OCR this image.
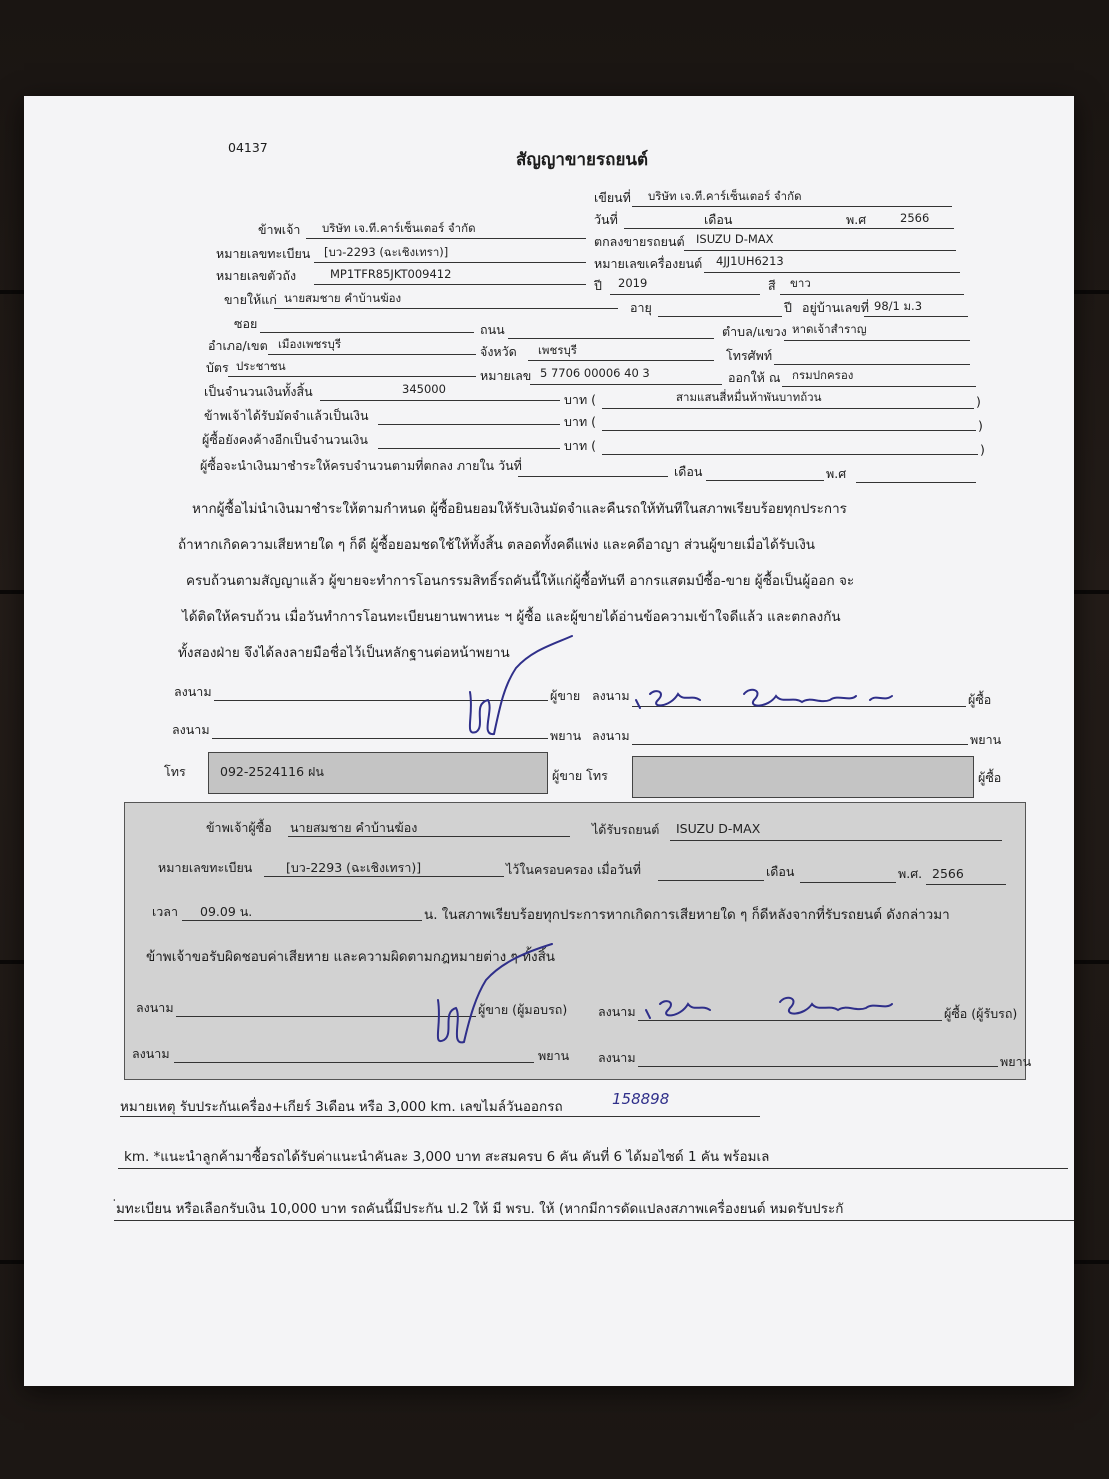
04137
สัญญาขายรถยนต์
เขียนที่ บริษัท เจ.ที.คาร์เซ็นเตอร์ จำกัด
วันที่	เดือน	พ.ศ	2566
ข้าพเจ้า บริษัท เจ.ที.คาร์เซ็นเตอร์ จำกัด
ตกลงขายรถยนต์ ISUZU D-MAX
หมายเลขทะเบียน [บว-2293 (ฉะเชิงเทรา)]
หมายเลขเครื่องยนต์ 4JJ1UH6213
หมายเลขตัวถัง	MP1TFR85JKT009412
ปี 2019	สี ขาว
ขายให้แก่ นายสมชาย คำบ้านฆ้อง
อายุ	ปี อยู่บ้านเลขที่ 98/1 ม.3
ซอย	ถนน	ตำบล/แขวง หาดเจ้าสำราญ
อำเภอ/เขต เมืองเพชรบุรี	จังหวัด เพชรบุรี	โทรศัพท์
บัตร ประชาชน
หมายเลข 5 7706 00006 40 3	ออกให้ ณ กรมปกครอง
เป็นจำนวนเงินทั้งสิ้น	345000
บาท (	สามแสนสี่หมื่นห้าพันบาทถ้วน	)
ข้าพเจ้าได้รับมัดจำแล้วเป็นเงิน	บาท (	)
ผู้ซื้อยังคงค้างอีกเป็นจำนวนเงิน	บาท (	)
ผู้ซื้อจะนำเงินมาชำระให้ครบจำนวนตามที่ตกลง ภายใน วันที่	เดือน	พ.ศ
หากผู้ซื้อไม่นำเงินมาชำระให้ตามกำหนด ผู้ซื้อยินยอมให้รับเงินมัดจำและคืนรถให้ทันทีในสภาพเรียบร้อยทุกประการ
ถ้าหากเกิดความเสียหายใด ๆ ก็ดี ผู้ซื้อยอมชดใช้ให้ทั้งสิ้น ตลอดทั้งคดีแพ่ง และคดีอาญา ส่วนผู้ขายเมื่อได้รับเงิน
ครบถ้วนตามสัญญาแล้ว ผู้ขายจะทำการโอนกรรมสิทธิ์รถคันนี้ให้แก่ผู้ซื้อทันที อากรแสตมป์ซื้อ-ขาย ผู้ซื้อเป็นผู้ออก จะ
ได้ติดให้ครบถ้วน เมื่อวันทำการโอนทะเบียนยานพาหนะ ฯ ผู้ซื้อ และผู้ขายได้อ่านข้อความเข้าใจดีแล้ว และตกลงกัน
ทั้งสองฝ่าย จึงได้ลงลายมือชื่อไว้เป็นหลักฐานต่อหน้าพยาน
ลงนาม	ผู้ขาย ลงนาม	ผู้ซื้อ
ลงนาม	พยาน ลงนาม	พยาน
โทร	092-2524116 ฝน	ผู้ขาย โทร	ผู้ซื้อ
ข้าพเจ้าผู้ซื้อ นายสมชาย คำบ้านฆ้อง	ได้รับรถยนต์ ISUZU D-MAX
หมายเลขทะเบียน	[บว-2293 (ฉะเชิงเทรา)]	ไว้ในครอบครอง เมื่อวันที่	เดือน	พ.ศ. 2566
เวลา 09.09 น.	น. ในสภาพเรียบร้อยทุกประการหากเกิดการเสียหายใด ๆ ก็ดีหลังจากที่รับรถยนต์ ดังกล่าวมา
ข้าพเจ้าขอรับผิดชอบค่าเสียหาย และความผิดตามกฎหมายต่าง ๆ ทั้งสิ้น
ลงนาม	ผู้ขาย (ผู้มอบรถ) ลงนาม	ผู้ซื้อ (ผู้รับรถ)
ลงนาม	พยาน ลงนาม	พยาน
หมายเหตุ รับประกันเครื่อง+เกียร์ 3เดือน หรือ 3,000 km. เลขไมล์วันออกรถ	158898
km. *แนะนำลูกค้ามาซื้อรถได้รับค่าแนะนำคันละ 3,000 บาท สะสมครบ 6 คัน คันที่ 6 ได้มอไซด์ 1 คัน พร้อมเล
่มทะเบียน หรือเลือกรับเงิน 10,000 บาท รถคันนี้มีประกัน ป.2 ให้ มี พรบ. ให้ (หากมีการดัดแปลงสภาพเครื่องยนต์ หมดรับประกั
